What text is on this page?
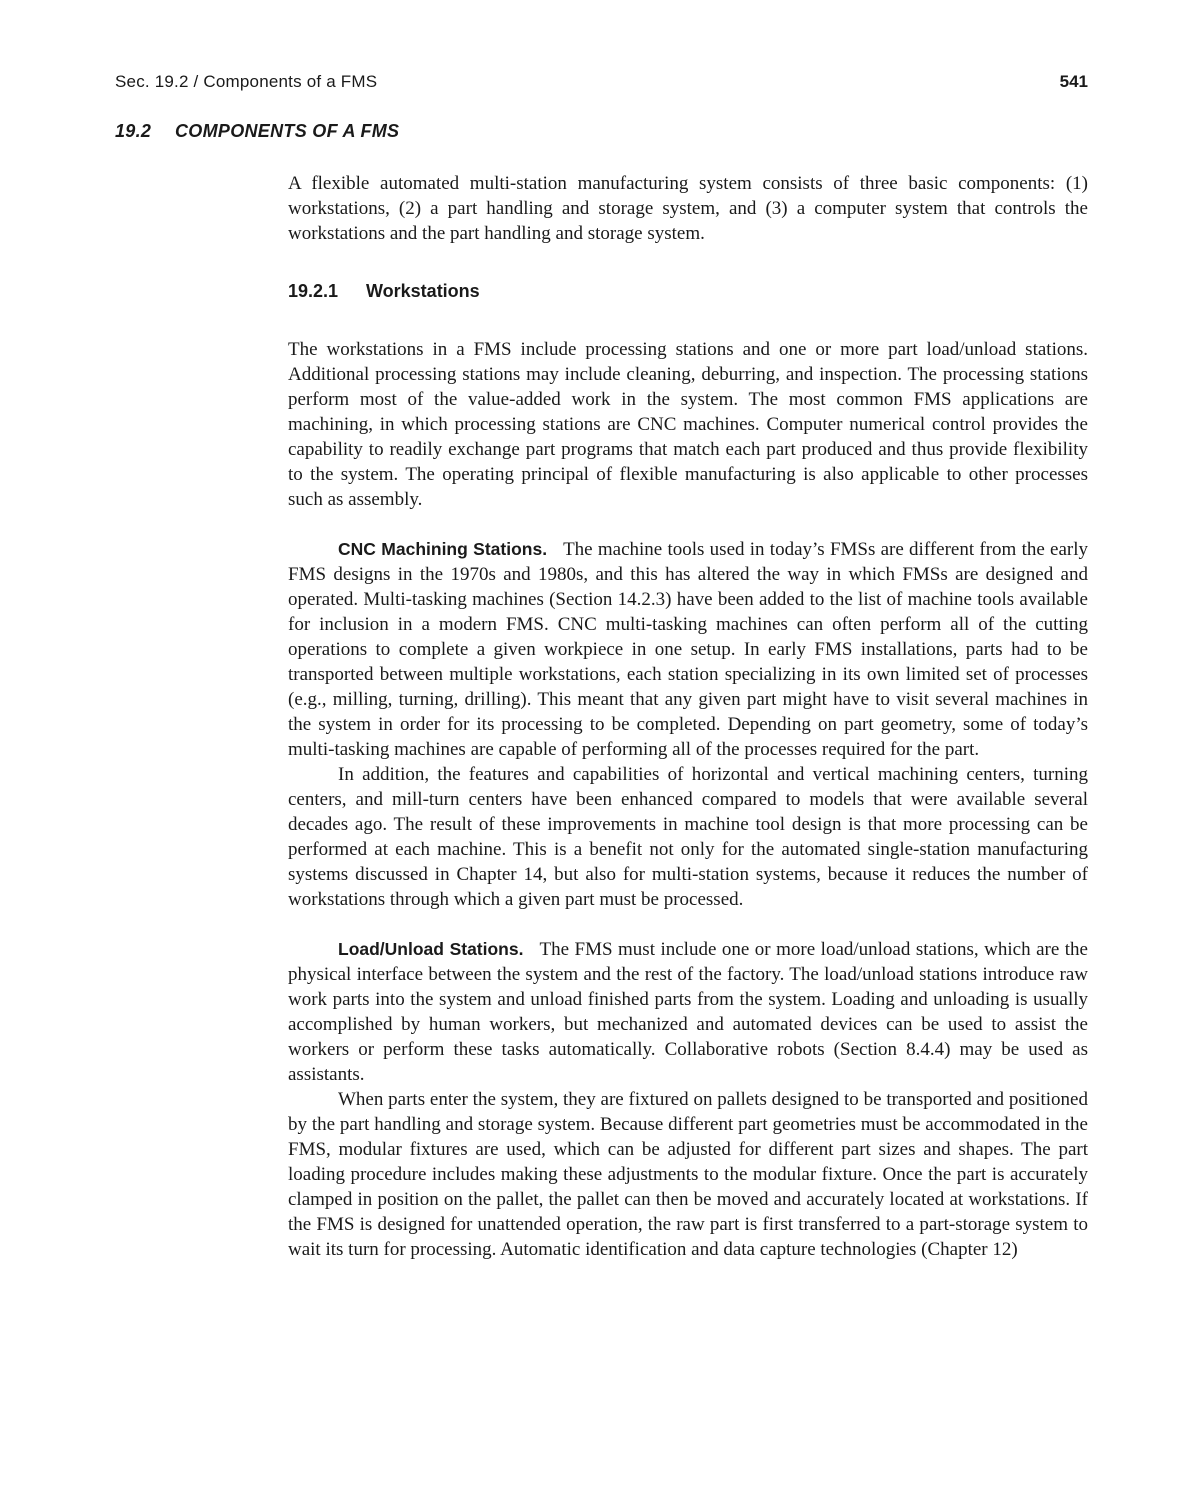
Sec. 19.2 / Components of a FMS	541
19.2 COMPONENTS OF A FMS

A flexible automated multi-station manufacturing system consists of three basic components: (1) workstations, (2) a part handling and storage system, and (3) a computer system that controls the workstations and the part handling and storage system.

19.2.1 Workstations

The workstations in a FMS include processing stations and one or more part load/unload stations. Additional processing stations may include cleaning, deburring, and inspection. The processing stations perform most of the value-added work in the system. The most common FMS applications are machining, in which processing stations are CNC machines. Computer numerical control provides the capability to readily exchange part programs that match each part produced and thus provide flexibility to the system. The operating principal of flexible manufacturing is also applicable to other processes such as assembly.

CNC Machining Stations. The machine tools used in today’s FMSs are different from the early FMS designs in the 1970s and 1980s, and this has altered the way in which FMSs are designed and operated. Multi-tasking machines (Section 14.2.3) have been added to the list of machine tools available for inclusion in a modern FMS. CNC multi-tasking machines can often perform all of the cutting operations to complete a given workpiece in one setup. In early FMS installations, parts had to be transported between multiple workstations, each station specializing in its own limited set of processes (e.g., milling, turning, drilling). This meant that any given part might have to visit several machines in the system in order for its processing to be completed. Depending on part geometry, some of today’s multi-tasking machines are capable of performing all of the processes required for the part.

In addition, the features and capabilities of horizontal and vertical machining centers, turning centers, and mill-turn centers have been enhanced compared to models that were available several decades ago. The result of these improvements in machine tool design is that more processing can be performed at each machine. This is a benefit not only for the automated single-station manufacturing systems discussed in Chapter 14, but also for multi-station systems, because it reduces the number of workstations through which a given part must be processed.

Load/Unload Stations. The FMS must include one or more load/unload stations, which are the physical interface between the system and the rest of the factory. The load/unload stations introduce raw work parts into the system and unload finished parts from the system. Loading and unloading is usually accomplished by human workers, but mechanized and automated devices can be used to assist the workers or perform these tasks automatically. Collaborative robots (Section 8.4.4) may be used as assistants.

When parts enter the system, they are fixtured on pallets designed to be transported and positioned by the part handling and storage system. Because different part geometries must be accommodated in the FMS, modular fixtures are used, which can be adjusted for different part sizes and shapes. The part loading procedure includes making these adjustments to the modular fixture. Once the part is accurately clamped in position on the pallet, the pallet can then be moved and accurately located at workstations. If the FMS is designed for unattended operation, the raw part is first transferred to a part-storage system to wait its turn for processing. Automatic identification and data capture technologies (Chapter 12)
